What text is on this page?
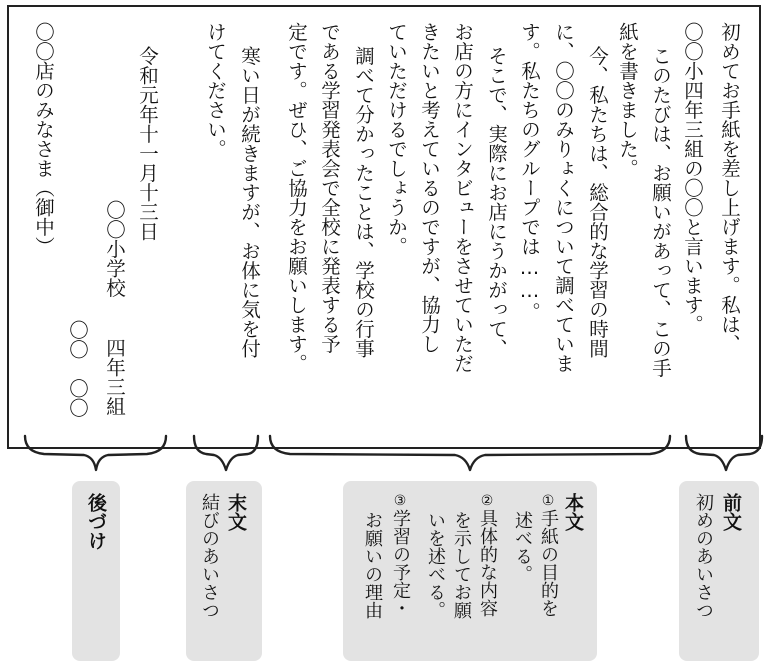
初めてお手紙を差し上げます。私は、
〇〇小四年三組の〇〇と言います。
このたびは、お願いがあって、この手
紙を書きました。
今、私たちは、総合的な学習の時間
に、〇〇のみりょくについて調べていま
す。私たちのグループでは……。
そこで、実際にお店にうかがって、
お店の方にインタビューをさせていただ
きたいと考えているのですが、協力し
ていただけるでしょうか。
調べて分かったことは、学校の行事
である学習発表会で全校に発表する予
定です。ぜひ、ご協力をお願いします。
寒い日が続きますが、お体に気を付
けてください。
令和元年十一月十三日
〇〇小学校
四年三組
〇〇　〇〇
〇〇店のみなさま（御中）
後づけ	末文
結びのあいさつ	本文
①手紙の目的を
述べる。
②具体的な内容
を示してお願
いを述べる。
③学習の予定・
お願いの理由	前文
初めのあいさつ
